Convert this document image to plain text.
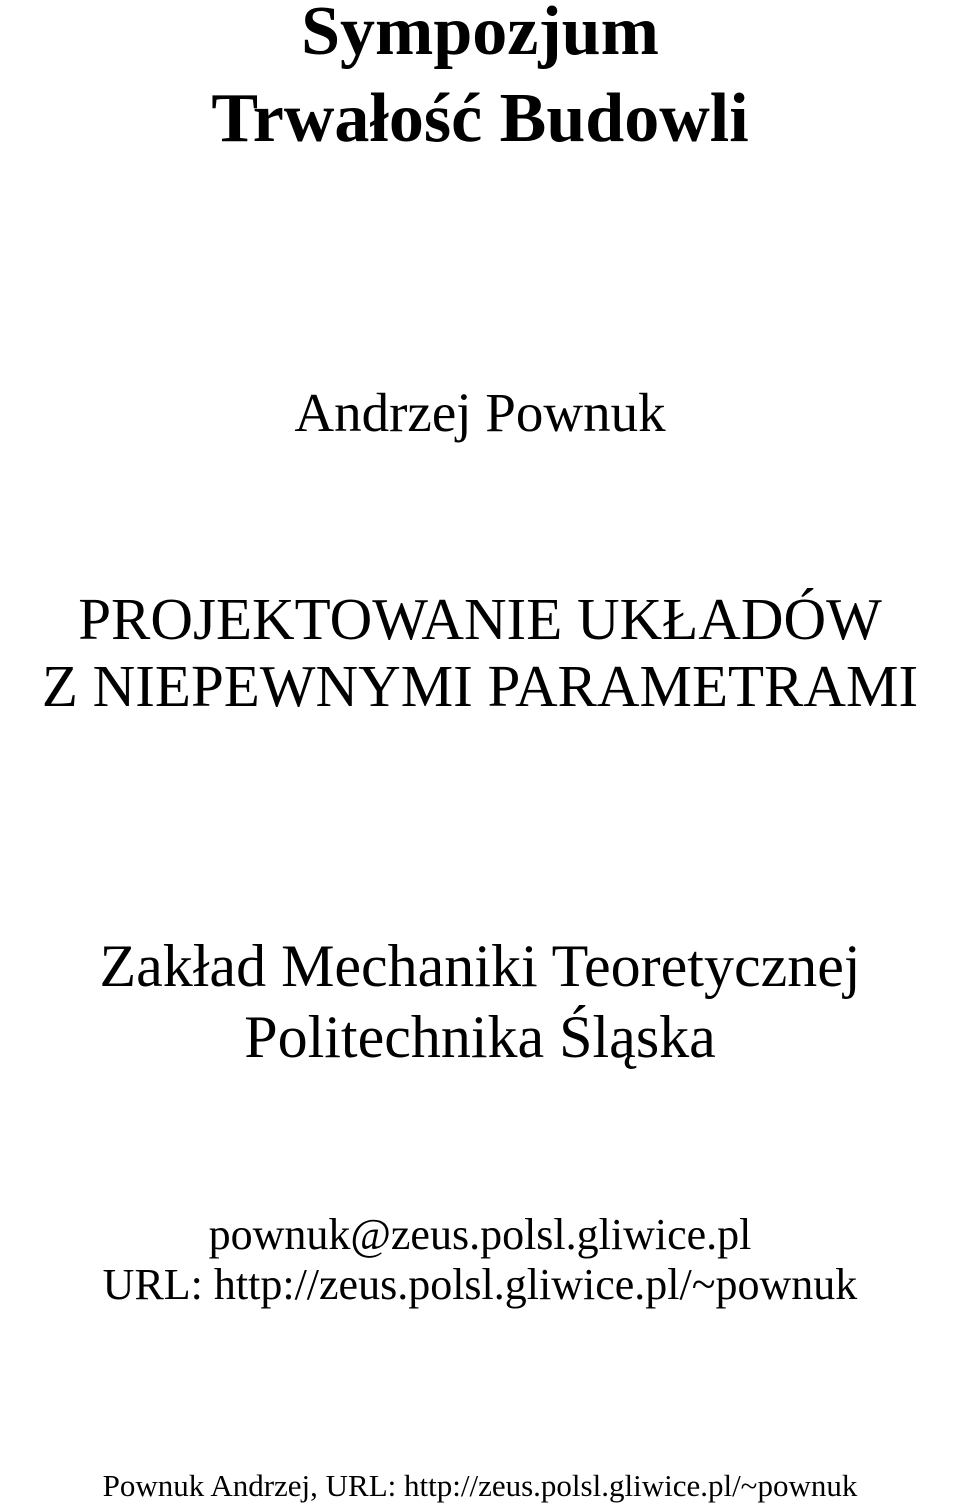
Sympozjum
Trwałość Budowli
Andrzej Pownuk
PROJEKTOWANIE UKŁADÓW
Z NIEPEWNYMI PARAMETRAMI
Zakład Mechaniki Teoretycznej
Politechnika Śląska
pownuk@zeus.polsl.gliwice.pl
URL: http://zeus.polsl.gliwice.pl/~pownuk
Pownuk Andrzej, URL: http://zeus.polsl.gliwice.pl/~pownuk
